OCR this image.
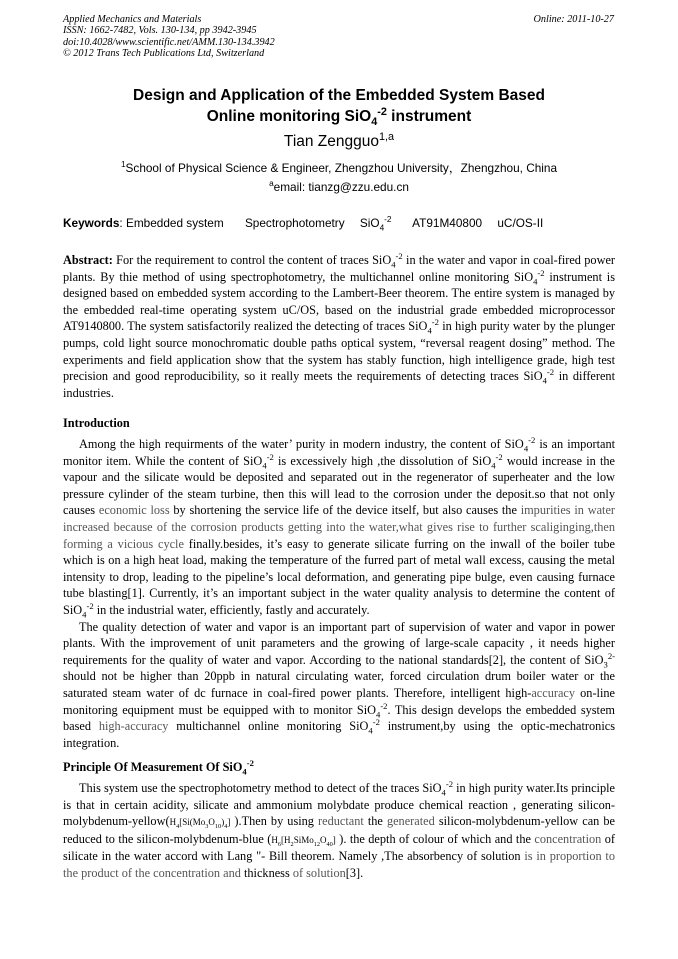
Applied Mechanics and Materials
ISSN: 1662-7482, Vols. 130-134, pp 3942-3945
doi:10.4028/www.scientific.net/AMM.130-134.3942
© 2012 Trans Tech Publications Ltd, Switzerland
Online: 2011-10-27
Design and Application of the Embedded System Based
Online monitoring SiO$_4^{-2}$ instrument
Tian Zengguo$^{1,a}$
$^1$School of Physical Science & Engineer, Zhengzhou University，Zhengzhou, China
$^a$email: tianzg@zzu.edu.cn
Keywords: Embedded system Spectrophotometry SiO$_4^{-2}$ AT91M40800 uC/OS-II
Abstract: For the requirement to control the content of traces SiO$_4^{-2}$ in the water and vapor in coal-fired power plants. By thie method of using spectrophotometry, the multichannel online monitoring SiO$_4^{-2}$ instrument is designed based on embedded system according to the Lambert-Beer theorem. The entire system is managed by the embedded real-time operating system uC/OS, based on the industrial grade embedded microprocessor AT9140800. The system satisfactorily realized the detecting of traces SiO$_4^{-2}$ in high purity water by the plunger pumps, cold light source monochromatic double paths optical system, “reversal reagent dosing” method. The experiments and field application show that the system has stably function, high intelligence grade, high test precision and good reproducibility, so it really meets the requirements of detecting traces SiO$_4^{-2}$ in different industries.
Introduction

Among the high requirments of the water’ purity in modern industry, the content of SiO$_4^{-2}$ is an important monitor item. While the content of SiO$_4^{-2}$ is excessively high ,the dissolution of SiO$_4^{-2}$ would increase in the vapour and the silicate would be deposited and separated out in the regenerator of superheater and the low pressure cylinder of the steam turbine, then this will lead to the corrosion under the deposit.so that not only causes economic loss by shortening the service life of the device itself, but also causes the impurities in water increased because of the corrosion products getting into the water,what gives rise to further scaliginging,then forming a vicious cycle finally.besides, it’s easy to generate silicate furring on the inwall of the boiler tube which is on a high heat load, making the temperature of the furred part of metal wall excess, causing the metal intensity to drop, leading to the pipeline’s local deformation, and generating pipe bulge, even causing furnace tube blasting[1]. Currently, it’s an important subject in the water quality analysis to determine the content of SiO$_4^{-2}$ in the industrial water, efficiently, fastly and accurately.

The quality detection of water and vapor is an important part of supervision of water and vapor in power plants. With the improvement of unit parameters and the growing of large-scale capacity , it needs higher requirements for the quality of water and vapor. According to the national standards[2], the content of SiO$_3^{2-}$ should not be higher than 20ppb in natural circulating water, forced circulation drum boiler water or the saturated steam water of dc furnace in coal-fired power plants. Therefore, intelligent high-accuracy on-line monitoring equipment must be equipped with to monitor SiO$_4^{-2}$. This design develops the embedded system based high-accuracy multichannel online monitoring SiO$_4^{-2}$ instrument,by using the optic-mechatronics integration.

Principle Of Measurement Of SiO$_4^{-2}$

This system use the spectrophotometry method to detect of the traces SiO$_4^{-2}$ in high purity water.Its principle is that in certain acidity, silicate and ammonium molybdate produce chemical reaction , generating silicon-$molybdenum-yellow(H_4[Si(Mo_3O_{10})_4]$ ).Then by using reductant the generated silicon-molybdenum-yellow can be reduced to the silicon-molybdenum-blue ($H_6[H_2SiMo_{12}O_{40}]$ ). the depth of colour of which and the concentration of silicate in the water accord with Lang "- Bill theorem. Namely ,The absorbency of solution is in proportion to the product of the concentration and thickness of solution[3].
